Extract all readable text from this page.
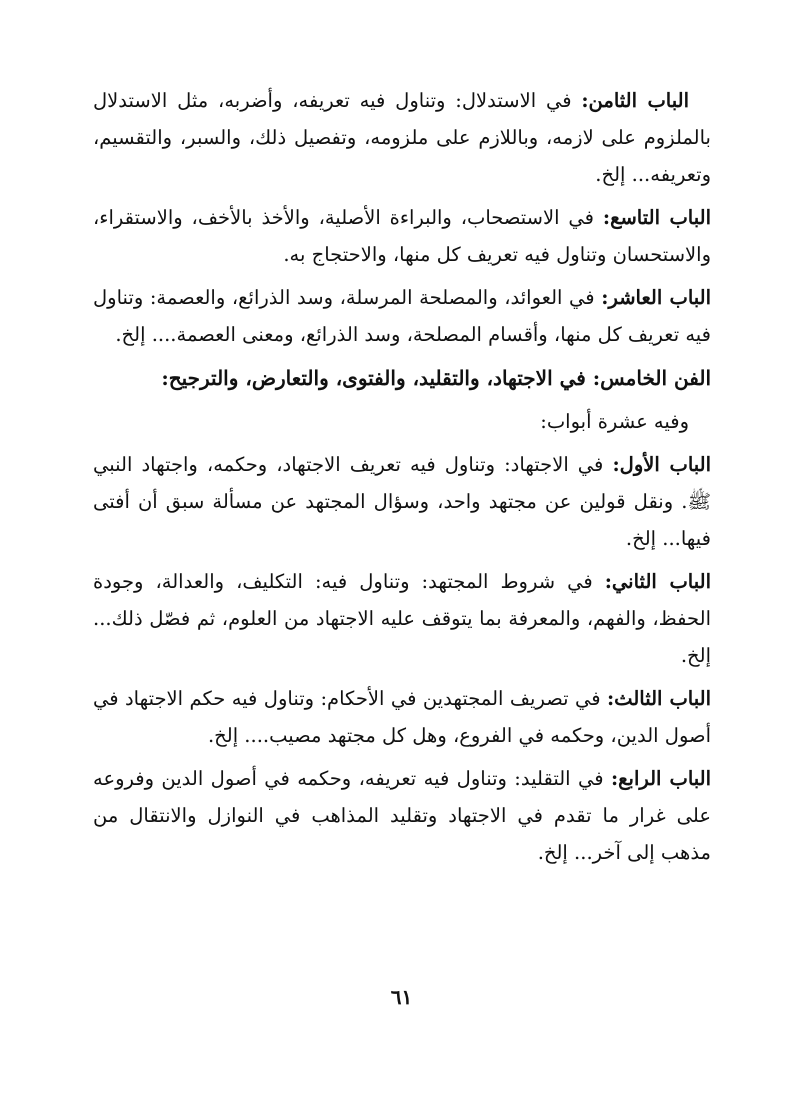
الباب الثامن: في الاستدلال: وتناول فيه تعريفه، وأضربه، مثل الاستدلال بالملزوم على لازمه، وباللازم على ملزومه، وتفصيل ذلك، والسبر، والتقسيم، وتعريفه... إلخ.

الباب التاسع: في الاستصحاب، والبراءة الأصلية، والأخذ بالأخف، والاستقراء، والاستحسان وتناول فيه تعريف كل منها، والاحتجاج به.

الباب العاشر: في العوائد، والمصلحة المرسلة، وسد الذرائع، والعصمة: وتناول فيه تعريف كل منها، وأقسام المصلحة، وسد الذرائع، ومعنى العصمة.... إلخ.

الفن الخامس: في الاجتهاد، والتقليد، والفتوى، والتعارض، والترجيح:

وفيه عشرة أبواب:

الباب الأول: في الاجتهاد: وتناول فيه تعريف الاجتهاد، وحكمه، واجتهاد النبي ﷺ. ونقل قولين عن مجتهد واحد، وسؤال المجتهد عن مسألة سبق أن أفتى فيها... إلخ.

الباب الثاني: في شروط المجتهد: وتناول فيه: التكليف، والعدالة، وجودة الحفظ، والفهم، والمعرفة بما يتوقف عليه الاجتهاد من العلوم، ثم فصّل ذلك... إلخ.

الباب الثالث: في تصريف المجتهدين في الأحكام: وتناول فيه حكم الاجتهاد في أصول الدين، وحكمه في الفروع، وهل كل مجتهد مصيب.... إلخ.

الباب الرابع: في التقليد: وتناول فيه تعريفه، وحكمه في أصول الدين وفروعه على غرار ما تقدم في الاجتهاد وتقليد المذاهب في النوازل والانتقال من مذهب إلى آخر... إلخ.

٦١
